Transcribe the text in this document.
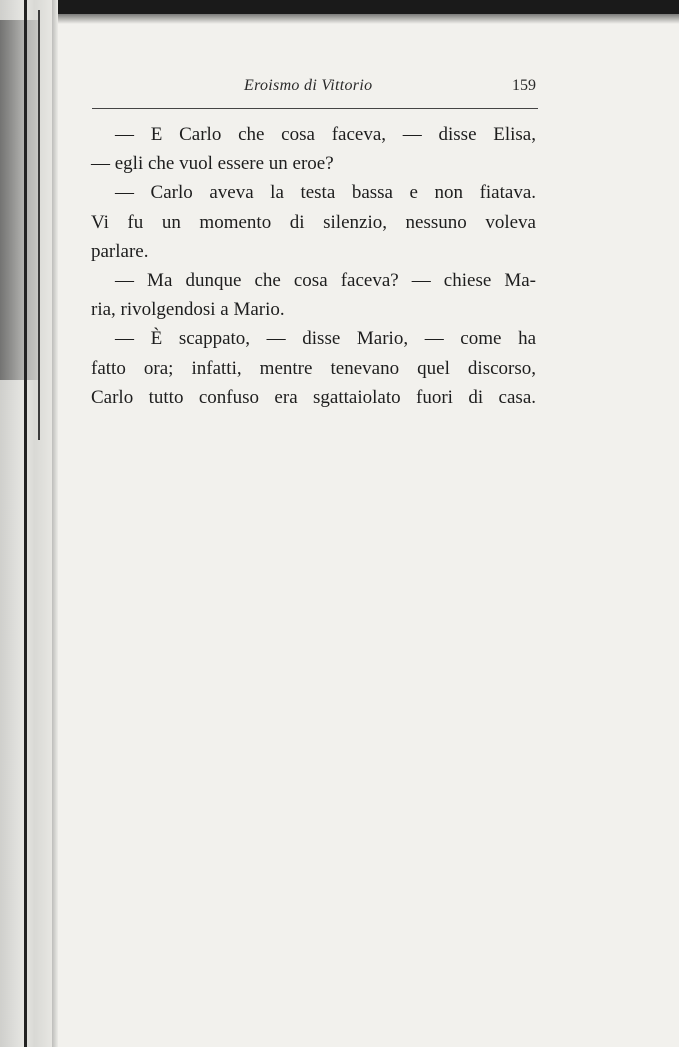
Eroismo di Vittorio	159
— E Carlo che cosa faceva, — disse Elisa,
— egli che vuol essere un eroe?
— Carlo aveva la testa bassa e non fiatava.
Vi fu un momento di silenzio, nessuno voleva
parlare.
— Ma dunque che cosa faceva? — chiese Ma-
ria, rivolgendosi a Mario.
— È scappato, — disse Mario, — come ha
fatto ora; infatti, mentre tenevano quel discorso,
Carlo tutto confuso era sgattaiolato fuori di casa.
